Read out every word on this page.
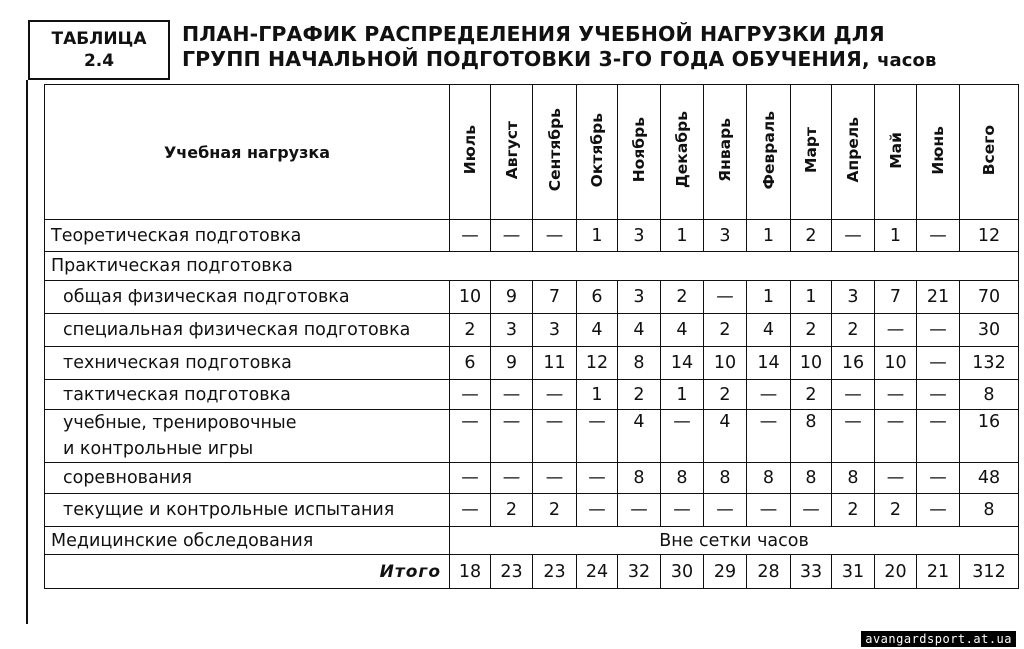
ТАБЛИЦА
2.4
ПЛАН-ГРАФИК РАСПРЕДЕЛЕНИЯ УЧЕБНОЙ НАГРУЗКИ ДЛЯ
ГРУПП НАЧАЛЬНОЙ ПОДГОТОВКИ 3-ГО ГОДА ОБУЧЕНИЯ, часов
Учебная нагрузка	Июль	Август	Сентябрь	Октябрь	Ноябрь	Декабрь	Январь	Февраль	Март	Апрель	Май	Июнь	Всего
Теоретическая подготовка	—	—	—	1	3	1	3	1	2	—	1	—	12
Практическая подготовка													
общая физическая подготовка	10	9	7	6	3	2	—	1	1	3	7	21	70
специальная физическая подготовка	2	3	3	4	4	4	2	4	2	2	—	—	30
техническая подготовка	6	9	11	12	8	14	10	14	10	16	10	—	132
тактическая подготовка	—	—	—	1	2	1	2	—	2	—	—	—	8

учебные, тренировочные
и контрольные игры	—	—	—	—	4	—	4	—	8	—	—	—	16
соревнования	—	—	—	—	8	8	8	8	8	8	—	—	48
текущие и контрольные испытания	—	2	2	—	—	—	—	—	—	2	2	—	8
Медицинские обследования	Вне сетки часов												
Итого	18	23	23	24	32	30	29	28	33	31	20	21	312
avangardsport.at.ua
